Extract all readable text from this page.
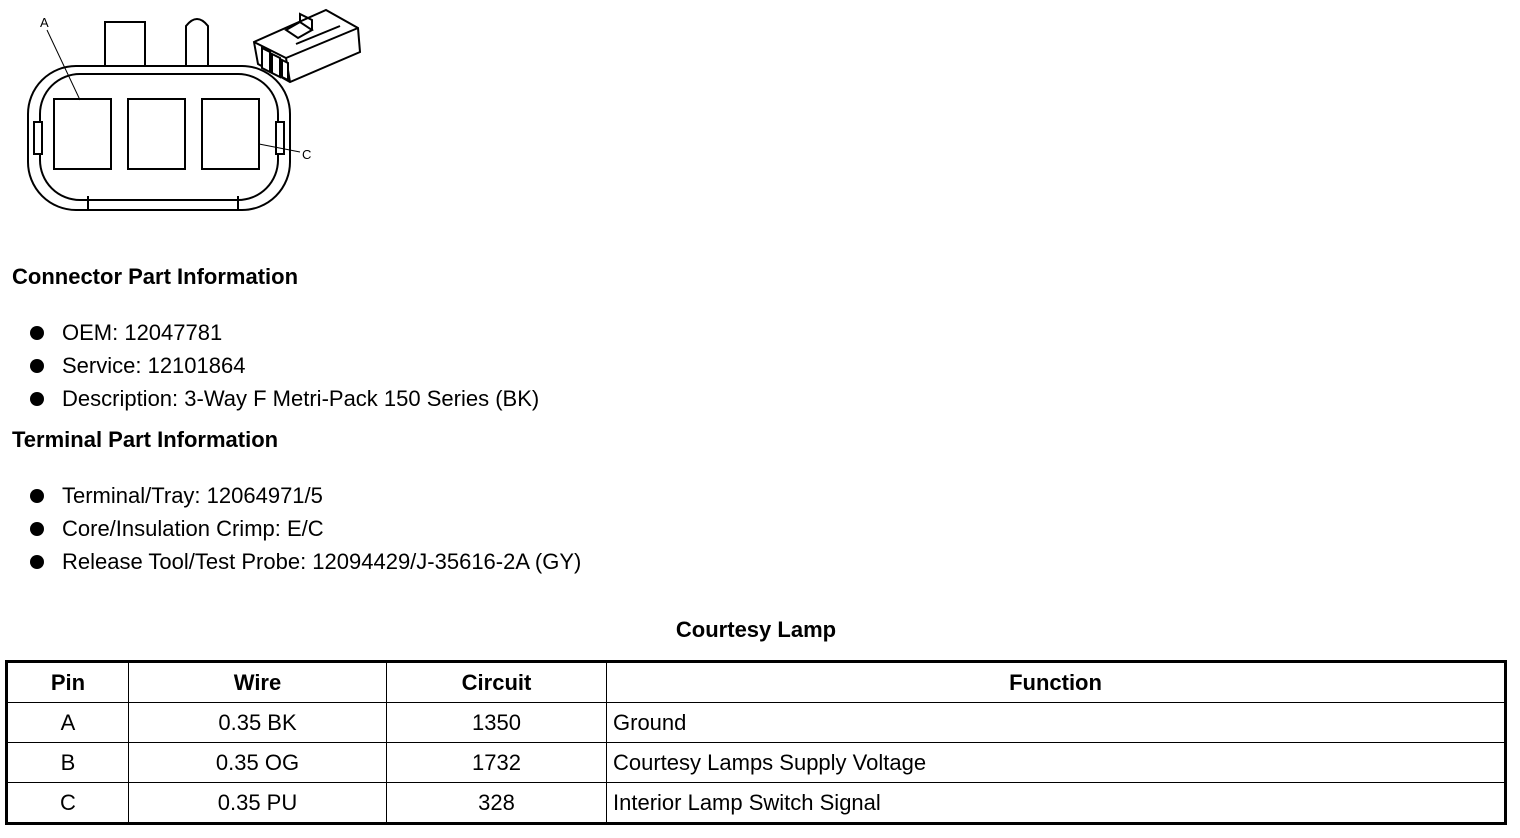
A
C
Connector Part Information
OEM: 12047781
Service: 12101864
Description: 3-Way F Metri-Pack 150 Series (BK)
Terminal Part Information
Terminal/Tray: 12064971/5
Core/Insulation Crimp: E/C
Release Tool/Test Probe: 12094429/J-35616-2A (GY)
Courtesy Lamp
Pin	Wire	Circuit	Function
A	0.35 BK	1350	Ground
B	0.35 OG	1732	Courtesy Lamps Supply Voltage
C	0.35 PU	328	Interior Lamp Switch Signal
